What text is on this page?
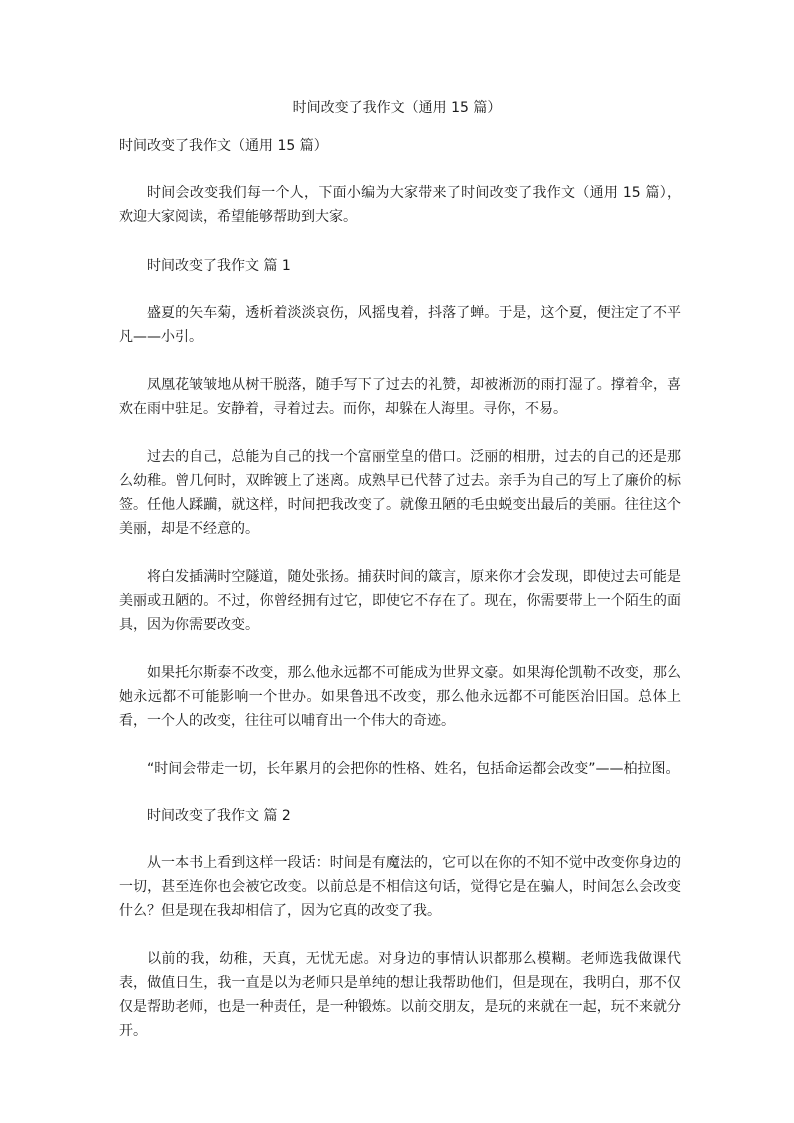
时间改变了我作文（通用 15 篇）
时间改变了我作文（通用 15 篇）

时间会改变我们每一个人，下面小编为大家带来了时间改变了我作文（通用 15 篇），欢迎大家阅读，希望能够帮助到大家。

时间改变了我作文 篇 1

盛夏的矢车菊，透析着淡淡哀伤，风摇曳着，抖落了蝉。于是，这个夏，便注定了不平凡——小引。

凤凰花皱皱地从树干脱落，随手写下了过去的礼赞，却被淅沥的雨打湿了。撑着伞，喜欢在雨中驻足。安静着，寻着过去。而你，却躲在人海里。寻你，不易。

过去的自己，总能为自己的找一个富丽堂皇的借口。泛丽的相册，过去的自己的还是那么幼稚。曾几何时，双眸镀上了迷离。成熟早已代替了过去。亲手为自己的写上了廉价的标签。任他人蹂躏，就这样，时间把我改变了。就像丑陋的毛虫蜕变出最后的美丽。往往这个美丽，却是不经意的。

将白发插满时空隧道，随处张扬。捕获时间的箴言，原来你才会发现，即使过去可能是美丽或丑陋的。不过，你曾经拥有过它，即使它不存在了。现在，你需要带上一个陌生的面具，因为你需要改变。

如果托尔斯泰不改变，那么他永远都不可能成为世界文豪。如果海伦凯勒不改变，那么她永远都不可能影响一个世办。如果鲁迅不改变，那么他永远都不可能医治旧国。总体上看，一个人的改变，往往可以哺育出一个伟大的奇迹。

“时间会带走一切，长年累月的会把你的性格、姓名，包括命运都会改变”——柏拉图。

时间改变了我作文 篇 2

从一本书上看到这样一段话：时间是有魔法的，它可以在你的不知不觉中改变你身边的一切，甚至连你也会被它改变。以前总是不相信这句话，觉得它是在骗人，时间怎么会改变什么？但是现在我却相信了，因为它真的改变了我。

以前的我，幼稚，天真，无忧无虑。对身边的事情认识都那么模糊。老师选我做课代表，做值日生，我一直是以为老师只是单纯的想让我帮助他们，但是现在，我明白，那不仅仅是帮助老师，也是一种责任，是一种锻炼。以前交朋友，是玩的来就在一起，玩不来就分开。
